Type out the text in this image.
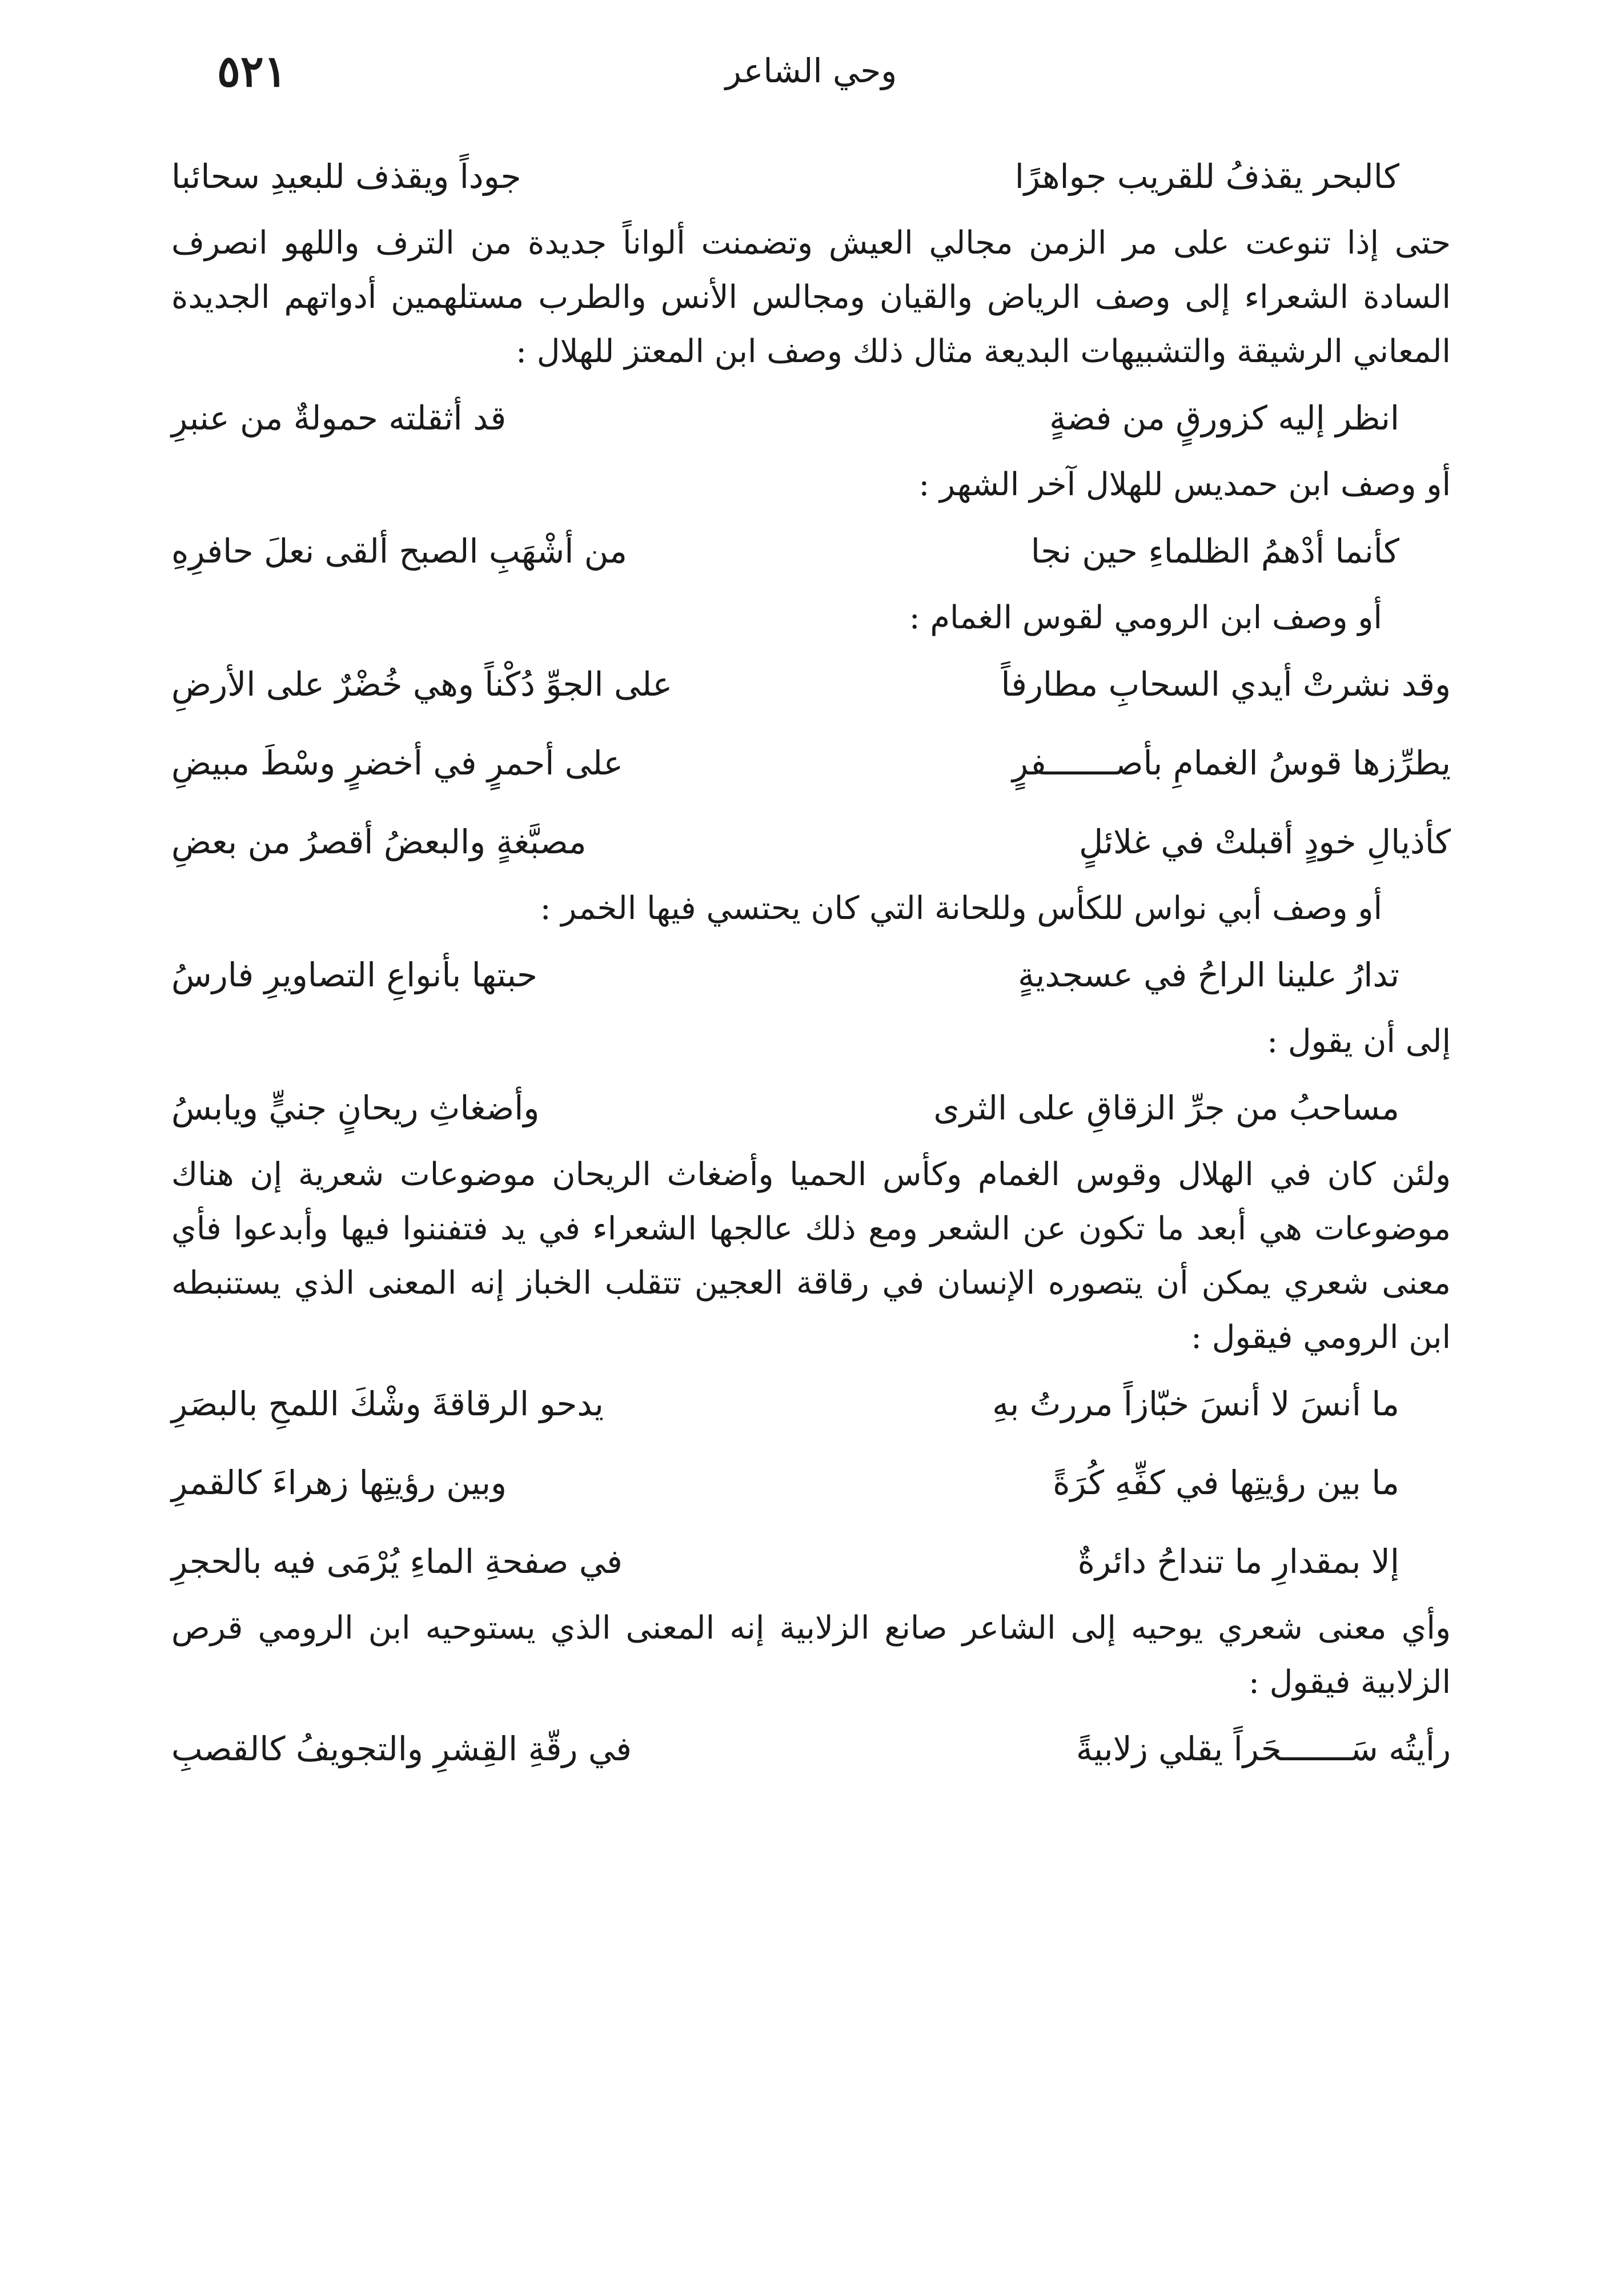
٥٢١	وحي الشاعر
كالبحر يقذفُ للقريب جواهرًا
جوداً ويقذف للبعيدِ سحائبا

حتى إذا تنوعت على مر الزمن مجالي العيش وتضمنت ألواناً جديدة من الترف واللهو انصرف السادة الشعراء إلى وصف الرياض والقيان ومجالس الأنس والطرب مستلهمين أدواتهم الجديدة المعاني الرشيقة والتشبيهات البديعة مثال ذلك وصف ابن المعتز للهلال :

انظر إليه كزورقٍ من فضةٍ
قد أثقلته حمولةٌ من عنبرِ

أو وصف ابن حمديس للهلال آخر الشهر :

كأنما أدْهمُ الظلماءِ حين نجا
من أشْهَبِ الصبح ألقى نعلَ حافرِهِ

أو وصف ابن الرومي لقوس الغمام :

وقد نشرتْ أيدي السحابِ مطارفاً
على الجوِّ دُكْناً وهي خُضْرٌ على الأرضِ
يطرِّزها قوسُ الغمامِ بأصـــــــفرٍ
على أحمرٍ في أخضرٍ وسْطَ مبيضِ
كأذيالِ خودٍ أقبلتْ في غلائلٍ
مصبَّغةٍ والبعضُ أقصرُ من بعضِ

أو وصف أبي نواس للكأس وللحانة التي كان يحتسي فيها الخمر :

تدارُ علينا الراحُ في عسجديةٍ
حبتها بأنواعِ التصاويرِ فارسُ

إلى أن يقول :

مساحبُ من جرِّ الزقاقِ على الثرى
وأضغاثِ ريحانٍ جنيٍّ ويابسُ

ولئن كان في الهلال وقوس الغمام وكأس الحميا وأضغاث الريحان موضوعات شعرية إن هناك موضوعات هي أبعد ما تكون عن الشعر ومع ذلك عالجها الشعراء في يد فتفننوا فيها وأبدعوا فأي معنى شعري يمكن أن يتصوره الإنسان في رقاقة العجين تتقلب الخباز إنه المعنى الذي يستنبطه ابن الرومي فيقول :

ما أنسَ لا أنسَ خبّازاً مررتُ بهِ
يدحو الرقاقةَ وشْكَ اللمحِ بالبصَرِ
ما بين رؤيتِها في كفِّهِ كُرَةً
وبين رؤيتِها زهراءَ كالقمرِ
إلا بمقدارِ ما تنداحُ دائرةٌ
في صفحةِ الماءِ يُرْمَى فيه بالحجرِ

وأي معنى شعري يوحيه إلى الشاعر صانع الزلابية إنه المعنى الذي يستوحيه ابن الرومي قرص الزلابية فيقول :

رأيتُه سَـــــــحَراً يقلي زلابيةً
في رقّةِ القِشرِ والتجويفُ كالقصبِ
